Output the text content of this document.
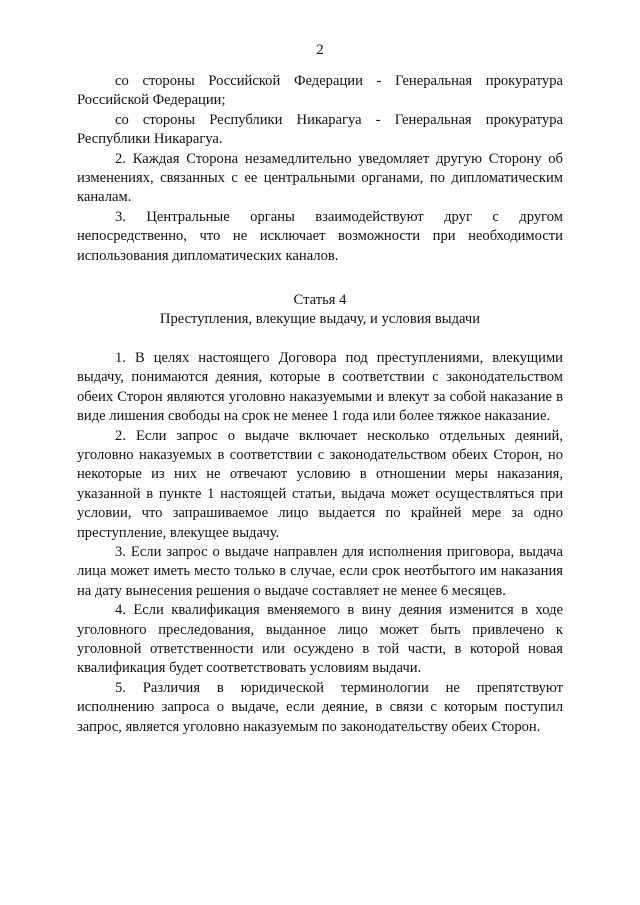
2

со стороны Российской Федерации - Генеральная прокуратура Российской Федерации;

со стороны Республики Никарагуа - Генеральная прокуратура Республики Никарагуа.

2. Каждая Сторона незамедлительно уведомляет другую Сторону об изменениях, связанных с ее центральными органами, по дипломатическим каналам.

3. Центральные органы взаимодействуют друг с другом непосредственно, что не исключает возможности при необходимости использования дипломатических каналов.

Статья 4

Преступления, влекущие выдачу, и условия выдачи

1. В целях настоящего Договора под преступлениями, влекущими выдачу, понимаются деяния, которые в соответствии с законодательством обеих Сторон являются уголовно наказуемыми и влекут за собой наказание в виде лишения свободы на срок не менее 1 года или более тяжкое наказание.

2. Если запрос о выдаче включает несколько отдельных деяний, уголовно наказуемых в соответствии с законодательством обеих Сторон, но некоторые из них не отвечают условию в отношении меры наказания, указанной в пункте 1 настоящей статьи, выдача может осуществляться при условии, что запрашиваемое лицо выдается по крайней мере за одно преступление, влекущее выдачу.

3. Если запрос о выдаче направлен для исполнения приговора, выдача лица может иметь место только в случае, если срок неотбытого им наказания на дату вынесения решения о выдаче составляет не менее 6 месяцев.

4. Если квалификация вменяемого в вину деяния изменится в ходе уголовного преследования, выданное лицо может быть привлечено к уголовной ответственности или осуждено в той части, в которой новая квалификация будет соответствовать условиям выдачи.

5. Различия в юридической терминологии не препятствуют исполнению запроса о выдаче, если деяние, в связи с которым поступил запрос, является уголовно наказуемым по законодательству обеих Сторон.
